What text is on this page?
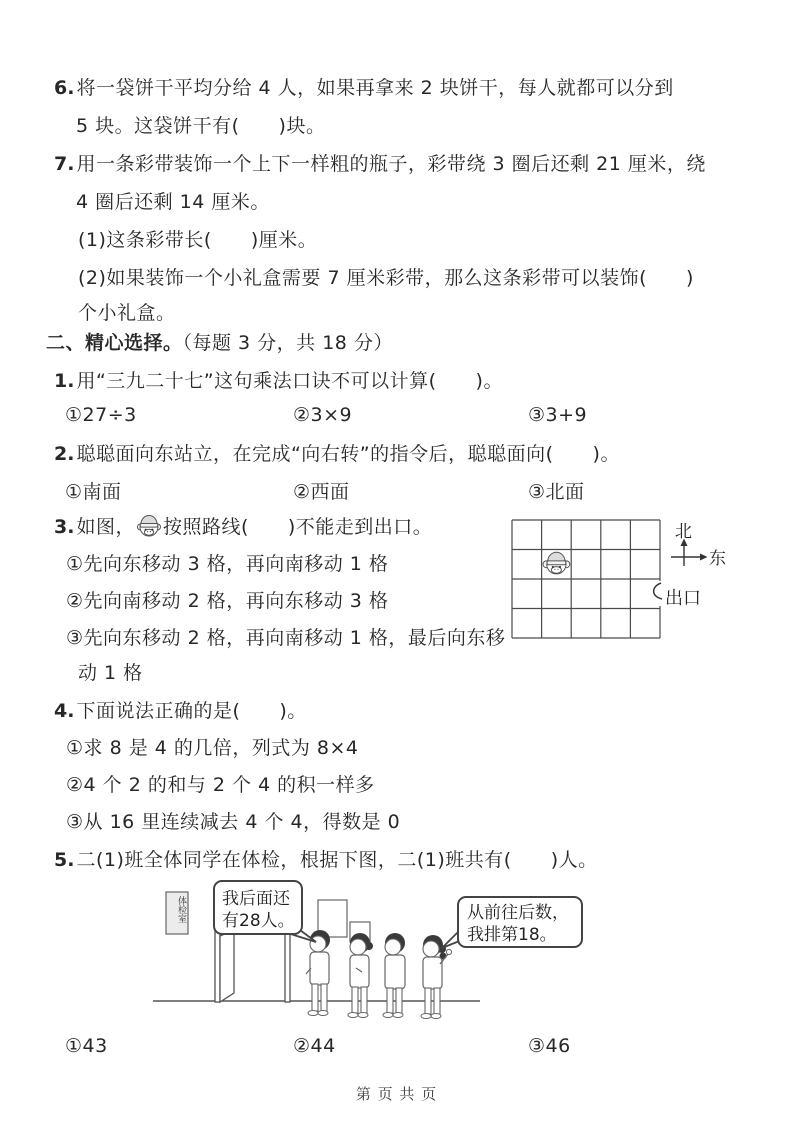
6. 将一袋饼干平均分给 4 人，如果再拿来 2 块饼干，每人就都可以分到
5 块。这袋饼干有(　　)块。
7. 用一条彩带装饰一个上下一样粗的瓶子，彩带绕 3 圈后还剩 21 厘米，绕
4 圈后还剩 14 厘米。
(1)这条彩带长(　　)厘米。
(2)如果装饰一个小礼盒需要 7 厘米彩带，那么这条彩带可以装饰(　　)
个小礼盒。
二、精心选择。（每题 3 分，共 18 分）
1. 用“三九二十七”这句乘法口诀不可以计算(　　)。
①27÷3	②3×9	③3+9
2. 聪聪面向东站立，在完成“向右转”的指令后，聪聪面向(　　)。
①南面	②西面	③北面
3. 如图， 按照路线(　　)不能走到出口。
①先向东移动 3 格，再向南移动 1 格
②先向南移动 2 格，再向东移动 3 格
③先向东移动 2 格，再向南移动 1 格，最后向东移
动 1 格
北
东
出口
4. 下面说法正确的是(　　)。
①求 8 是 4 的几倍，列式为 8×4
②4 个 2 的和与 2 个 4 的积一样多
③从 16 里连续减去 4 个 4，得数是 0
5. 二(1)班全体同学在体检，根据下图，二(1)班共有(　　)人。
体检室 我后面还
有28人。	从前往后数，
我排第18。
①43	②44	③46
第 页 共 页
